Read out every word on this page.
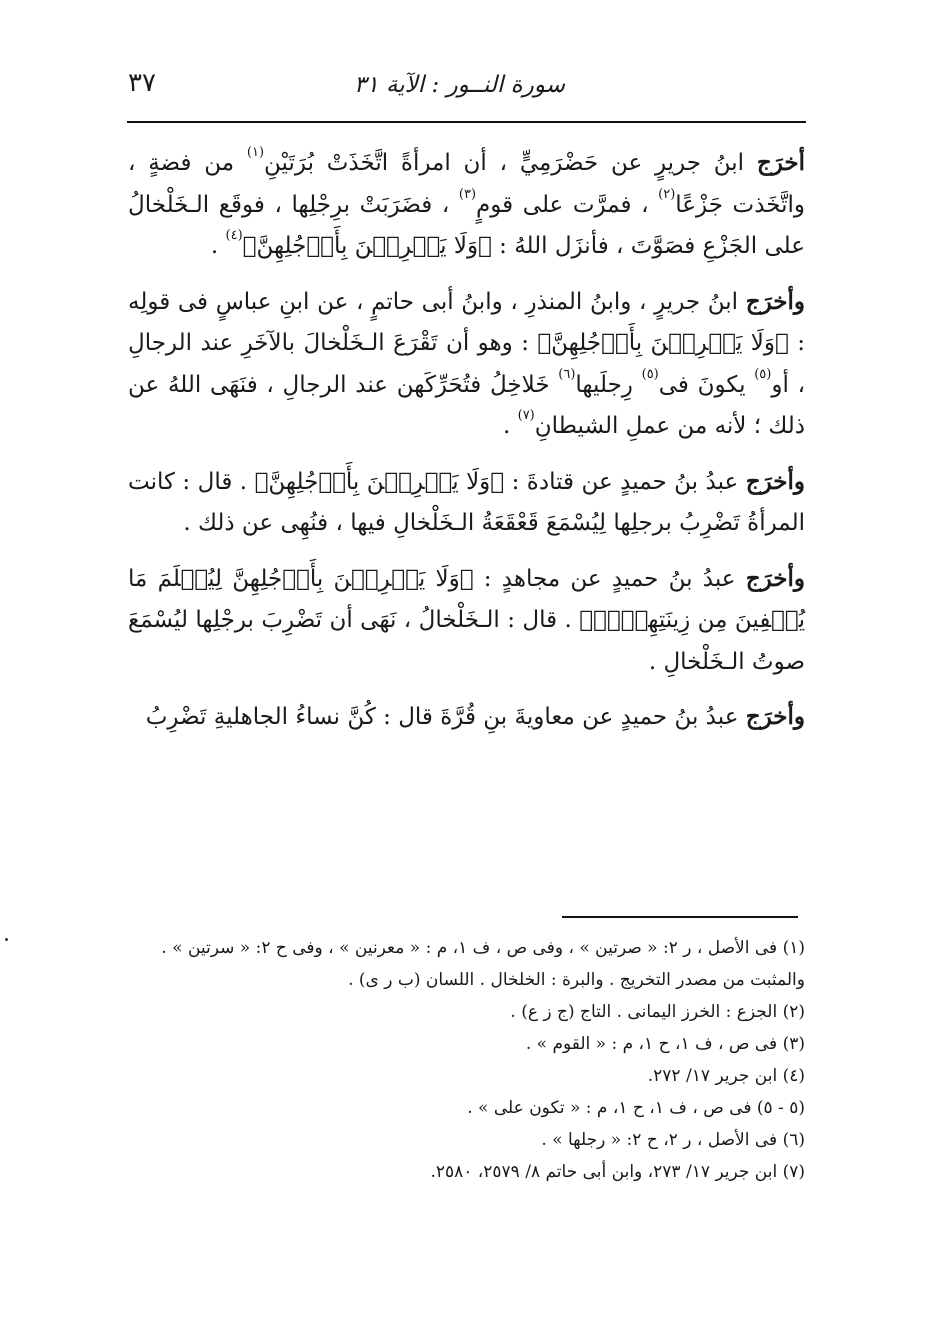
سورة النــور : الآية ٣١
٣٧

أخرَج ابنُ جريرٍ عن حَضْرَمِيٍّ ، أن امرأةً اتَّخَذَتْ بُرَتَيْنِ$^{(١)}$ من فضةٍ ، واتَّخَذت جَزْعًا$^{(٢)}$ ، فمرَّت على قومٍ$^{(٣)}$ ، فضَرَبَتْ برِجْلِها ، فوقَع الـخَلْخالُ على الجَزْعِ فصَوَّتَ ، فأنزَل اللهُ : ﴿وَلَا يَضۡرِبۡنَ بِأَرۡجُلِهِنَّ﴾$^{(٤)}$ .

وأخرَج ابنُ جريرٍ ، وابنُ المنذرِ ، وابنُ أبى حاتمٍ ، عن ابنِ عباسٍ فى قولِه : ﴿وَلَا يَضۡرِبۡنَ بِأَرۡجُلِهِنَّ﴾ : وهو أن تَقْرَعَ الـخَلْخالَ بالآخَرِ عند الرجالِ ، أو$^{(٥)}$ يكونَ فى$^{(٥)}$ رِجلَيها$^{(٦)}$ خَلاخِلُ فتُحَرِّكَهن عند الرجالِ ، فنَهَى اللهُ عن ذلك ؛ لأنه من عملِ الشيطانِ$^{(٧)}$ .

وأخرَج عبدُ بنُ حميدٍ عن قتادةَ : ﴿وَلَا يَضۡرِبۡنَ بِأَرۡجُلِهِنَّ﴾ . قال : كانت المرأةُ تَضْرِبُ برجلِها لِيُسْمَعَ قَعْقَعَةُ الـخَلْخالِ فيها ، فنُهِى عن ذلك .

وأخرَج عبدُ بنُ حميدٍ عن مجاهدٍ : ﴿وَلَا يَضۡرِبۡنَ بِأَرۡجُلِهِنَّ لِيُعۡلَمَ مَا يُخۡفِينَ مِن زِينَتِهِنَّۚ﴾ . قال : الـخَلْخالُ ، نَهَى أن تَضْرِبَ برجْلِها ليُسْمَعَ صوتُ الـخَلْخالِ .

وأخرَج عبدُ بنُ حميدٍ عن معاويةَ بنِ قُرَّةَ قال : كُنَّ نساءُ الجاهليةِ تَضْرِبُ

(١) فى الأصل ، ر ٢: « صرتين » ، وفى ص ، ف ١، م : « معرنين » ، وفى ح ٢: « سرتين » . والمثبت من مصدر التخريج . والبرة : الخلخال . اللسان (ب ر ى) .

(٢) الجزع : الخرز اليمانى . التاج (ج ز ع) .

(٣) فى ص ، ف ١، ح ١، م : « القوم » .

(٤) ابن جرير ١٧/ ٢٧٢.

(٥ - ٥) فى ص ، ف ١، ح ١، م : « تكون على » .

(٦) فى الأصل ، ر ٢، ح ٢: « رجلها » .

(٧) ابن جرير ١٧/ ٢٧٣، وابن أبى حاتم ٨/ ٢٥٧٩، ٢٥٨٠.
